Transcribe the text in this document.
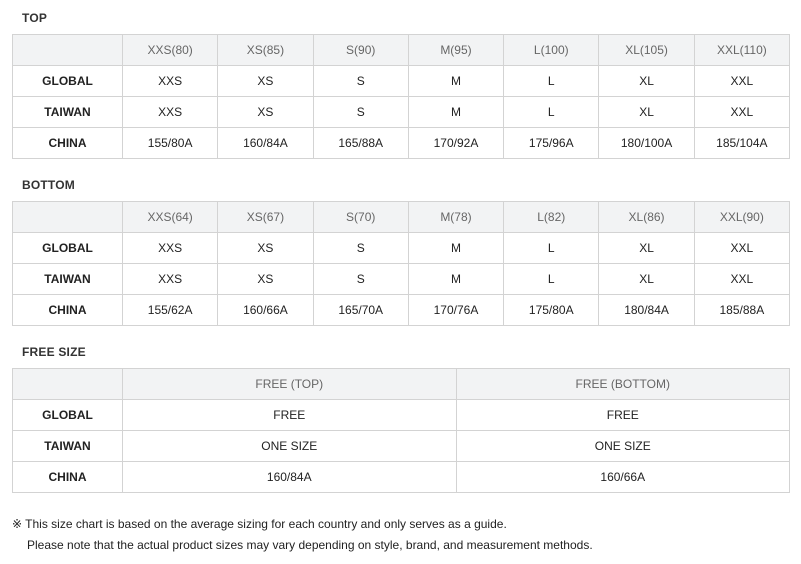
TOP
	XXS(80)	XS(85)	S(90)	M(95)	L(100)	XL(105)	XXL(110)
GLOBAL	XXS	XS	S	M	L	XL	XXL
TAIWAN	XXS	XS	S	M	L	XL	XXL
CHINA	155/80A	160/84A	165/88A	170/92A	175/96A	180/100A	185/104A
BOTTOM
	XXS(64)	XS(67)	S(70)	M(78)	L(82)	XL(86)	XXL(90)
GLOBAL	XXS	XS	S	M	L	XL	XXL
TAIWAN	XXS	XS	S	M	L	XL	XXL
CHINA	155/62A	160/66A	165/70A	170/76A	175/80A	180/84A	185/88A
FREE SIZE
	FREE (TOP)	FREE (BOTTOM)
GLOBAL	FREE	FREE
TAIWAN	ONE SIZE	ONE SIZE
CHINA	160/84A	160/66A
※ This size chart is based on the average sizing for each country and only serves as a guide.
Please note that the actual product sizes may vary depending on style, brand, and measurement methods.
